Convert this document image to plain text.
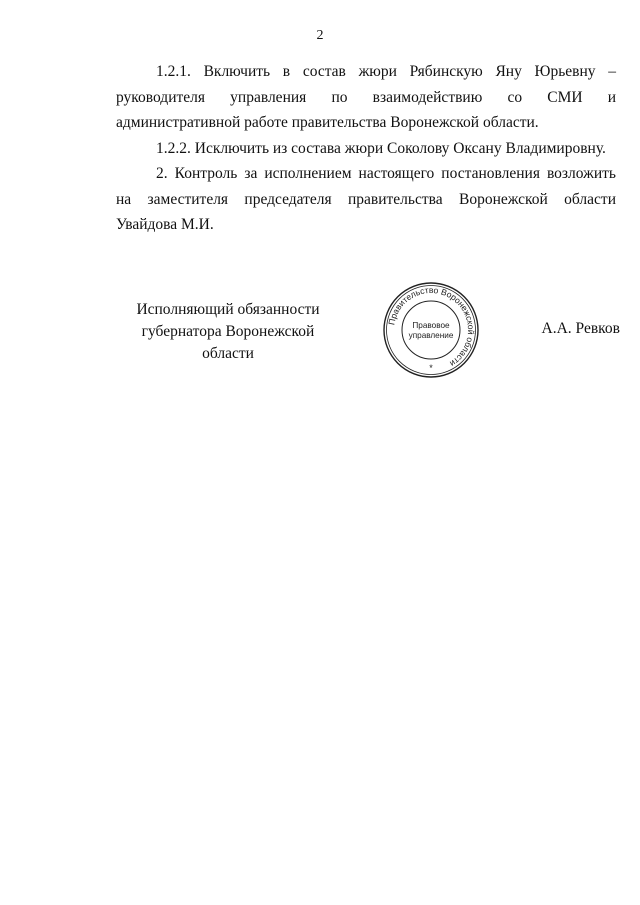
2

1.2.1. Включить в состав жюри Рябинскую Яну Юрьевну – руководителя управления по взаимодействию со СМИ и административной работе правительства Воронежской области.

1.2.2. Исключить из состава жюри Соколову Оксану Владимировну.

2. Контроль за исполнением настоящего постановления возложить на заместителя председателя правительства Воронежской области Увайдова М.И.

Исполняющий обязанности
губернатора Воронежской области
Правительство Воронежской области
Правовое
управление
*
А.А. Ревков
